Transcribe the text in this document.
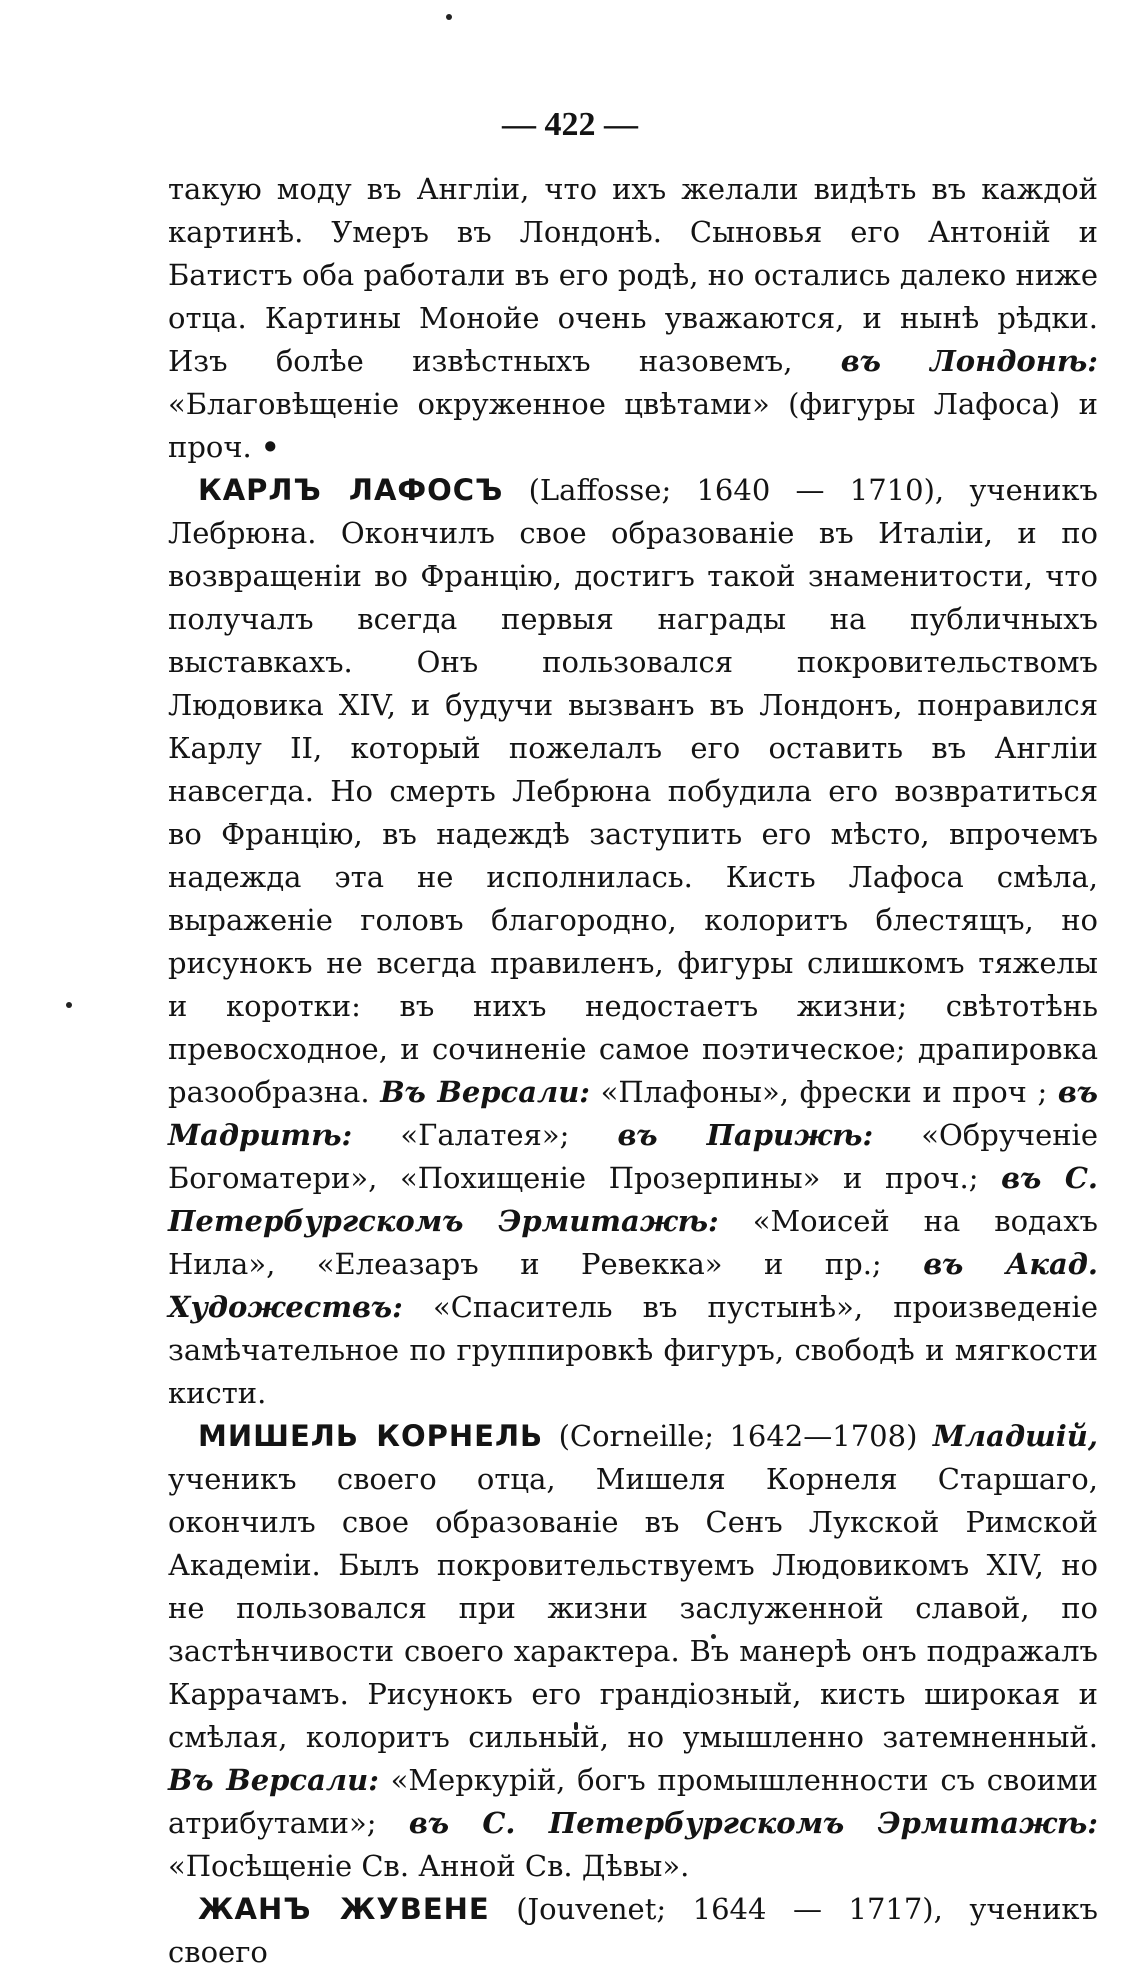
— 422 —

такую моду въ Англіи, что ихъ желали видѣть въ каждой картинѣ. Умеръ въ Лондонѣ. Сыновья его Антоній и Батистъ оба работали въ его родѣ, но остались далеко ниже отца. Картины Монойе очень уважаются, и нынѣ рѣдки. Изъ болѣе извѣстныхъ назовемъ, въ Лондонѣ: «Благовѣщеніе окруженное цвѣтами» (фигуры Лафоса) и проч. •

КАРЛЪ ЛАФОСЪ (Laffosse; 1640 — 1710), ученикъ Лебрюна. Окончилъ свое образованіе въ Италіи, и по возвращеніи во Францію, достигъ такой знаменитости, что получалъ всегда первыя награды на публичныхъ выставкахъ. Онъ пользовался покровительствомъ Людовика XIV, и будучи вызванъ въ Лондонъ, понравился Карлу II, который пожелалъ его оставить въ Англіи навсегда. Но смерть Лебрюна побудила его возвратиться во Францію, въ надеждѣ заступить его мѣсто, впрочемъ надежда эта не исполнилась. Кисть Лафоса смѣла, выраженіе головъ благородно, колоритъ блестящъ, но рисунокъ не всегда правиленъ, фигуры слишкомъ тяжелы и коротки: въ нихъ недостаетъ жизни; свѣтотѣнь превосходное, и сочиненіе самое поэтическое; драпировка разообразна. Въ Версали: «Плафоны», фрески и проч ; въ Мадритѣ: «Галатея»; въ Парижѣ: «Обрученіе Богоматери», «Похищеніе Прозерпины» и проч.; въ С. Петербургскомъ Эрмитажѣ: «Моисей на водахъ Нила», «Елеазаръ и Ревекка» и пр.; въ Акад. Художествъ: «Спаситель въ пустынѣ», произведеніе замѣчательное по группировкѣ фигуръ, свободѣ и мягкости кисти.

МИШЕЛЬ КОРНЕЛЬ (Corneille; 1642—1708) Младшій, ученикъ своего отца, Мишеля Корнеля Старшаго, окончилъ свое образованіе въ Сенъ Лукской Римской Академіи. Былъ покровительствуемъ Людовикомъ XIV, но не пользовался при жизни заслуженной славой, по застѣнчивости своего характера. Въ манерѣ онъ подражалъ Каррачамъ. Рисунокъ его грандіозный, кисть широкая и смѣлая, колоритъ сильный, но умышленно затемненный. Въ Версали: «Меркурій, богъ промышленности съ своими атрибутами»; въ С. Петербургскомъ Эрмитажѣ: «Посѣщеніе Св. Анной Св. Дѣвы».

ЖАНЪ ЖУВЕНЕ (Jouvenet; 1644 — 1717), ученикъ своего
